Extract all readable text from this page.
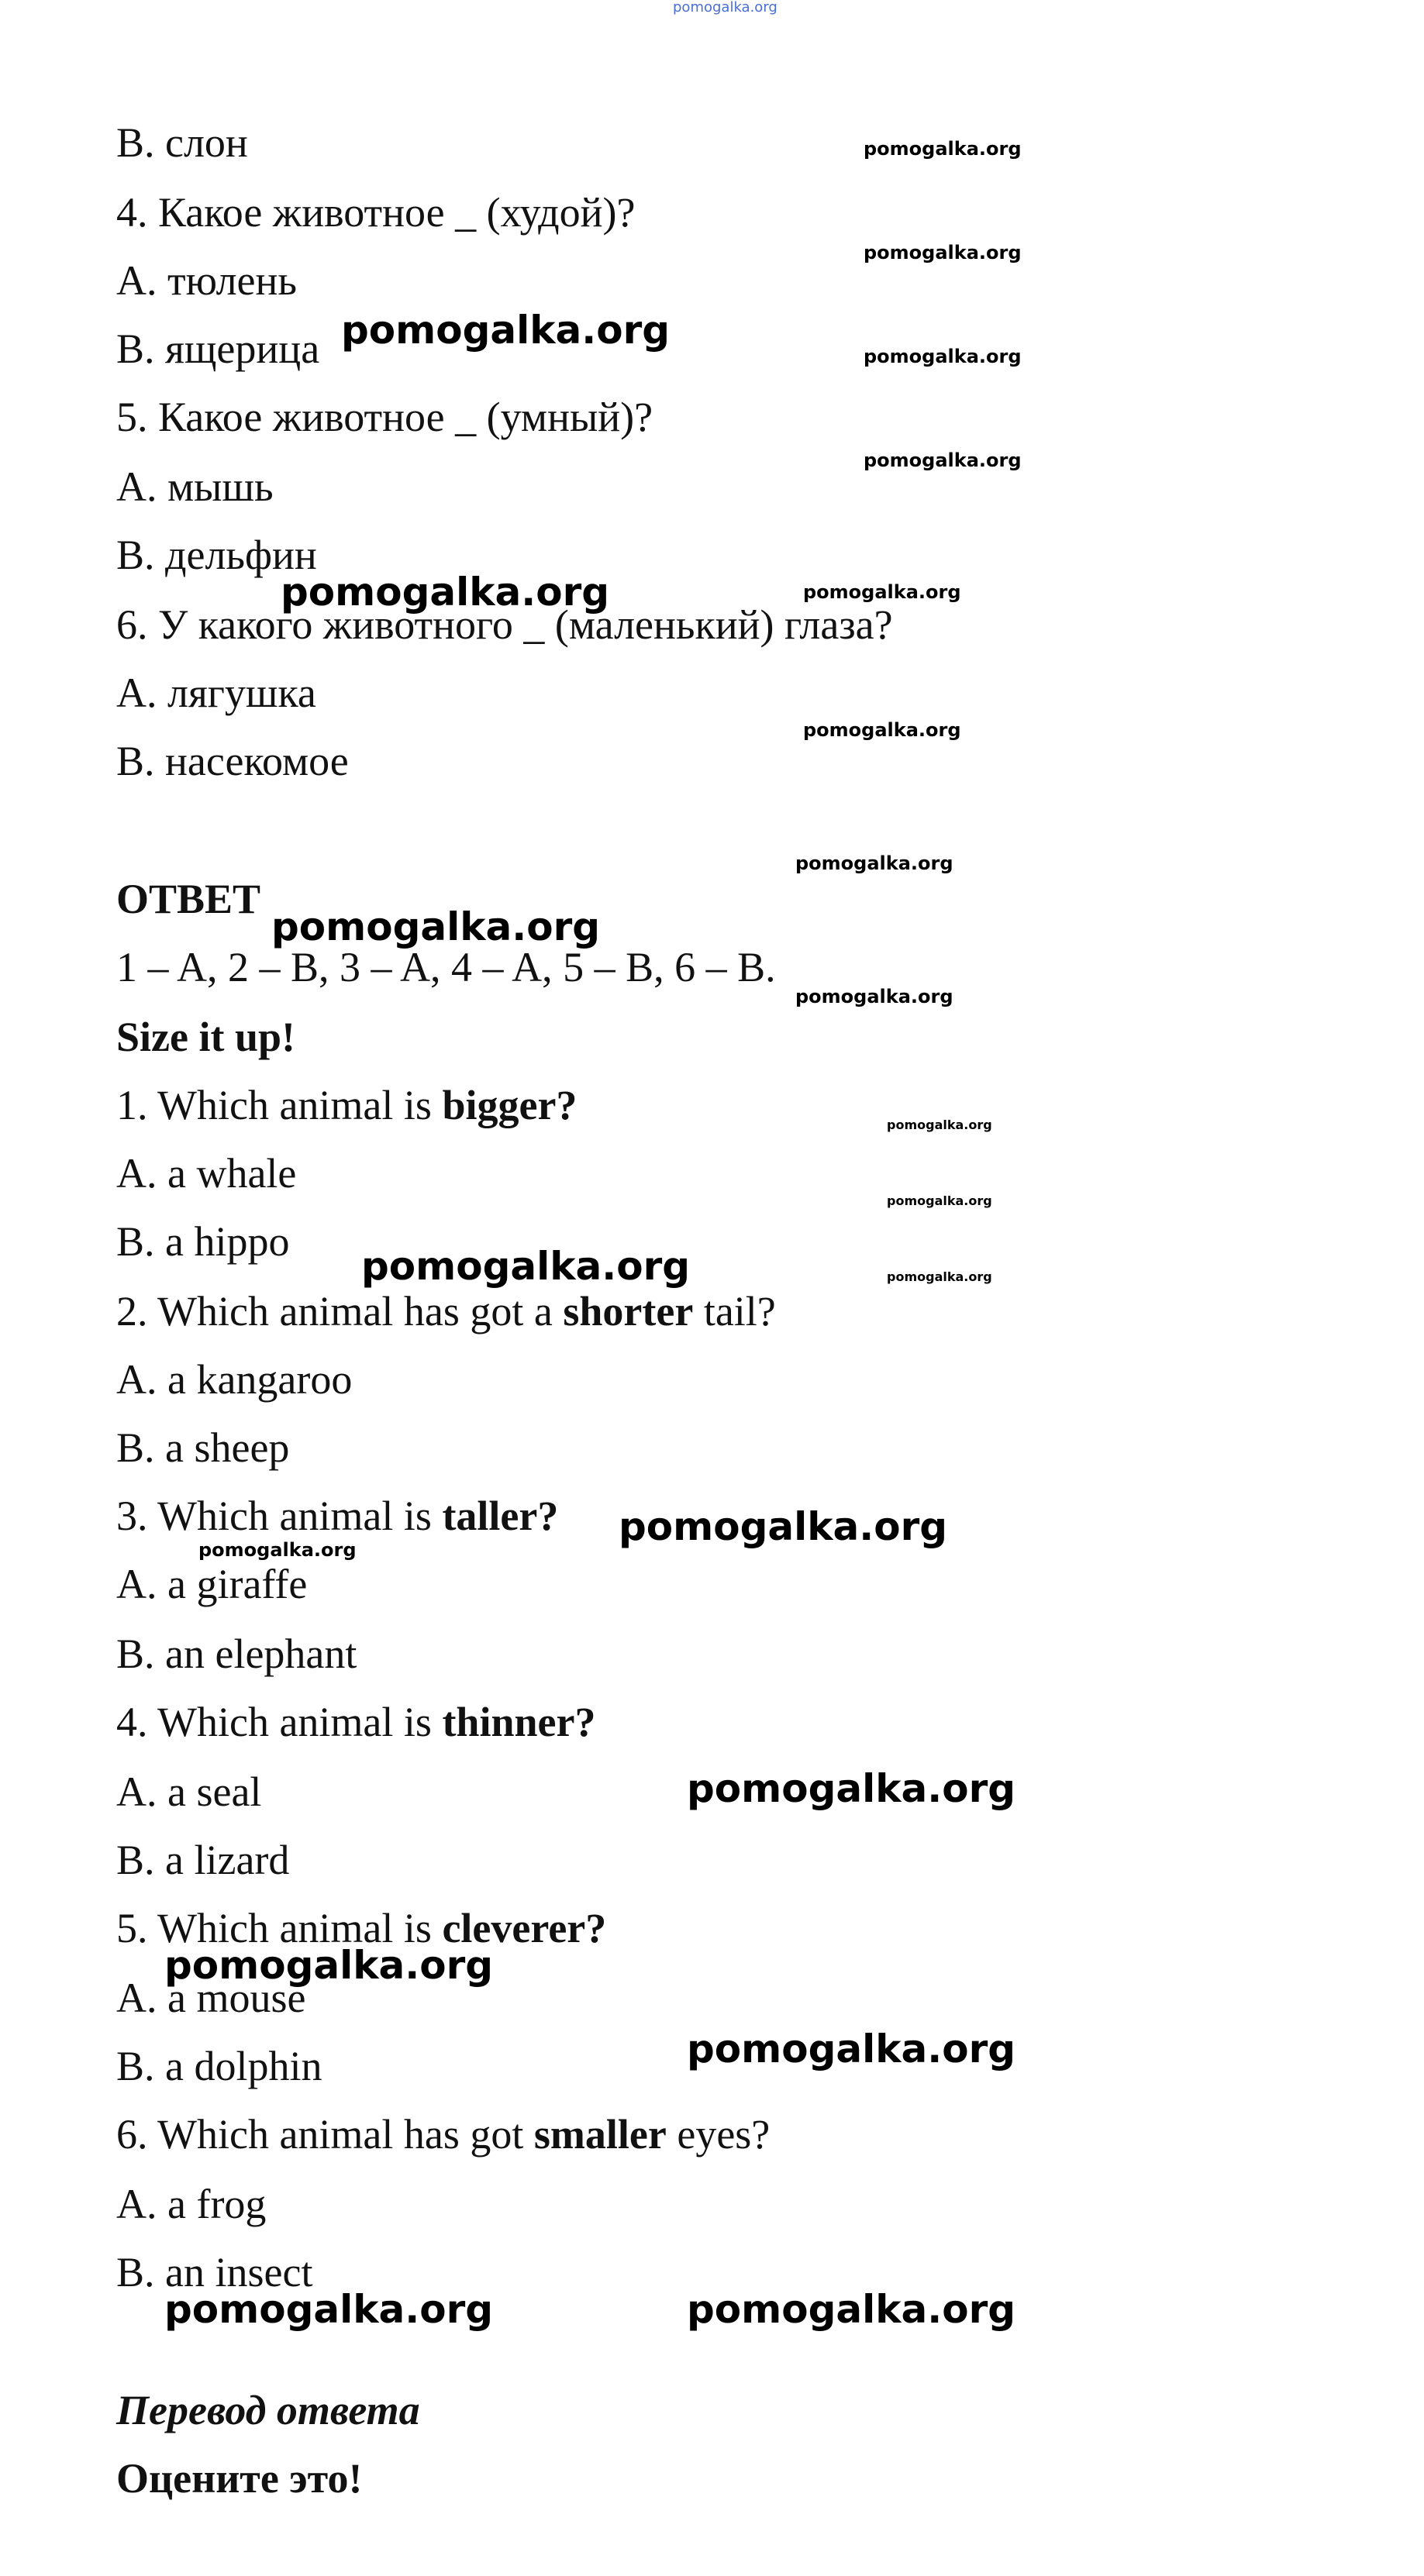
pomogalka.org
B. слон
4. Какое животное _ (худой)?
A. тюлень
B. ящерица
5. Какое животное _ (умный)?
A. мышь
B. дельфин
6. У какого животного _ (маленький) глаза?
A. лягушка
B. насекомое
ОТВЕТ
1 – A, 2 – B, 3 – A, 4 – A, 5 – B, 6 – B.
Size it up!
1. Which animal is bigger?
A. a whale
B. a hippo
2. Which animal has got a shorter tail?
A. a kangaroo
B. a sheep
3. Which animal is taller?
A. a giraffe
B. an elephant
4. Which animal is thinner?
A. a seal
B. a lizard
5. Which animal is cleverer?
A. a mouse
B. a dolphin
6. Which animal has got smaller eyes?
A. a frog
B. an insect
Перевод ответа
Оцените это!
pomogalka.org
pomogalka.org
pomogalka.org
pomogalka.org
pomogalka.org
pomogalka.org
pomogalka.org
pomogalka.org
pomogalka.org	pomogalka.org
pomogalka.org
pomogalka.org
pomogalka.org
pomogalka.org
pomogalka.org
pomogalka.org
pomogalka.org
pomogalka.org
pomogalka.org
pomogalka.org
pomogalka.org
pomogalka.org
